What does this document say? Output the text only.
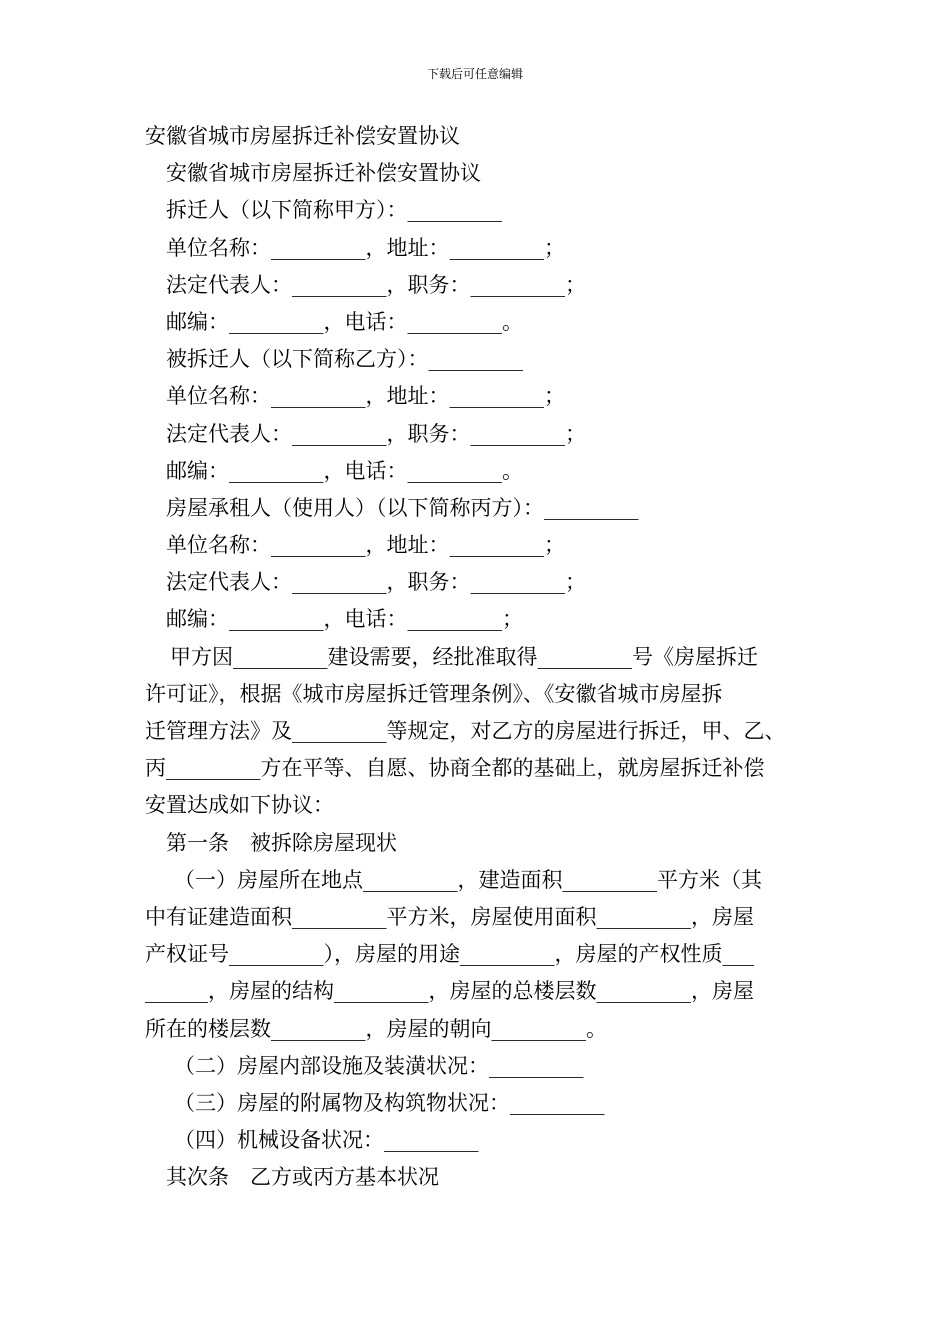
下载后可任意编辑
安徽省城市房屋拆迁补偿安置协议
安徽省城市房屋拆迁补偿安置协议
拆迁人（以下简称甲方）：_________
单位名称：_________，地址：_________；
法定代表人：_________，职务：_________；
邮编：_________，电话：_________。
被拆迁人（以下简称乙方）：_________
单位名称：_________，地址：_________；
法定代表人：_________，职务：_________；
邮编：_________，电话：_________。
房屋承租人（使用人）（以下简称丙方）：_________
单位名称：_________，地址：_________；
法定代表人：_________，职务：_________；
邮编：_________，电话：_________；
甲方因_________建设需要，经批准取得_________号《房屋拆迁
许可证》，根据《城市房屋拆迁管理条例》、《安徽省城市房屋拆
迁管理方法》及_________等规定，对乙方的房屋进行拆迁，甲、乙、
丙_________方在平等、自愿、协商全都的基础上，就房屋拆迁补偿
安置达成如下协议：
第一条　被拆除房屋现状
（一）房屋所在地点_________，建造面积_________平方米（其
中有证建造面积_________平方米，房屋使用面积_________，房屋
产权证号_________），房屋的用途_________，房屋的产权性质___
______，房屋的结构_________，房屋的总楼层数_________，房屋
所在的楼层数_________，房屋的朝向_________。
（二）房屋内部设施及装潢状况：_________
（三）房屋的附属物及构筑物状况：_________
（四）机械设备状况：_________
其次条　乙方或丙方基本状况
